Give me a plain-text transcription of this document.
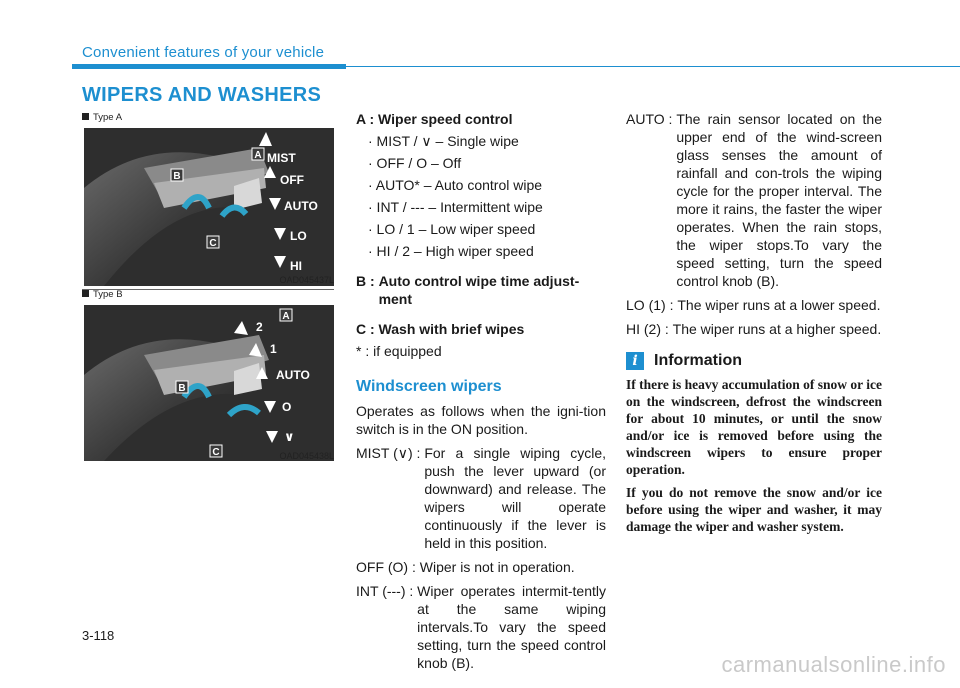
Convenient features of your vehicle
WIPERS AND WASHERS
Type A
A
B
C
MIST
OFF
AUTO
LO
HI
OAD045437L
Type B
A
B
C
2
1
AUTO
O
∨
OAD045438L
A : Wiper speed control
· MIST / ∨ – Single wipe
· OFF / O – Off
· AUTO* – Auto control wipe
· INT / --- – Intermittent wipe
· LO / 1 – Low wiper speed
· HI / 2 – High wiper speed
B : Auto control wipe time adjust-ment
C : Wash with brief wipes
* : if equipped
Windscreen wipers
Operates as follows when the igni-tion switch is in the ON position.
MIST (∨) : For a single wiping cycle, push the lever upward (or downward) and release. The wipers will operate continuously if the lever is held in this position.
OFF (O) : Wiper is not in operation.
INT (---) : Wiper operates intermit-tently at the same wiping intervals.To vary the speed setting, turn the speed control knob (B).
AUTO : The rain sensor located on the upper end of the wind-screen glass senses the amount of rainfall and con-trols the wiping cycle for the proper interval. The more it rains, the faster the wiper operates. When the rain stops, the wiper stops.To vary the speed setting, turn the speed control knob (B).
LO (1) : The wiper runs at a lower speed.
HI (2) : The wiper runs at a higher speed.
i	Information
If there is heavy accumulation of snow or ice on the windscreen, defrost the windscreen for about 10 minutes, or until the snow and/or ice is removed before using the windscreen wipers to ensure proper operation.
If you do not remove the snow and/or ice before using the wiper and washer, it may damage the wiper and washer system.
3-118
carmanualsonline.info
